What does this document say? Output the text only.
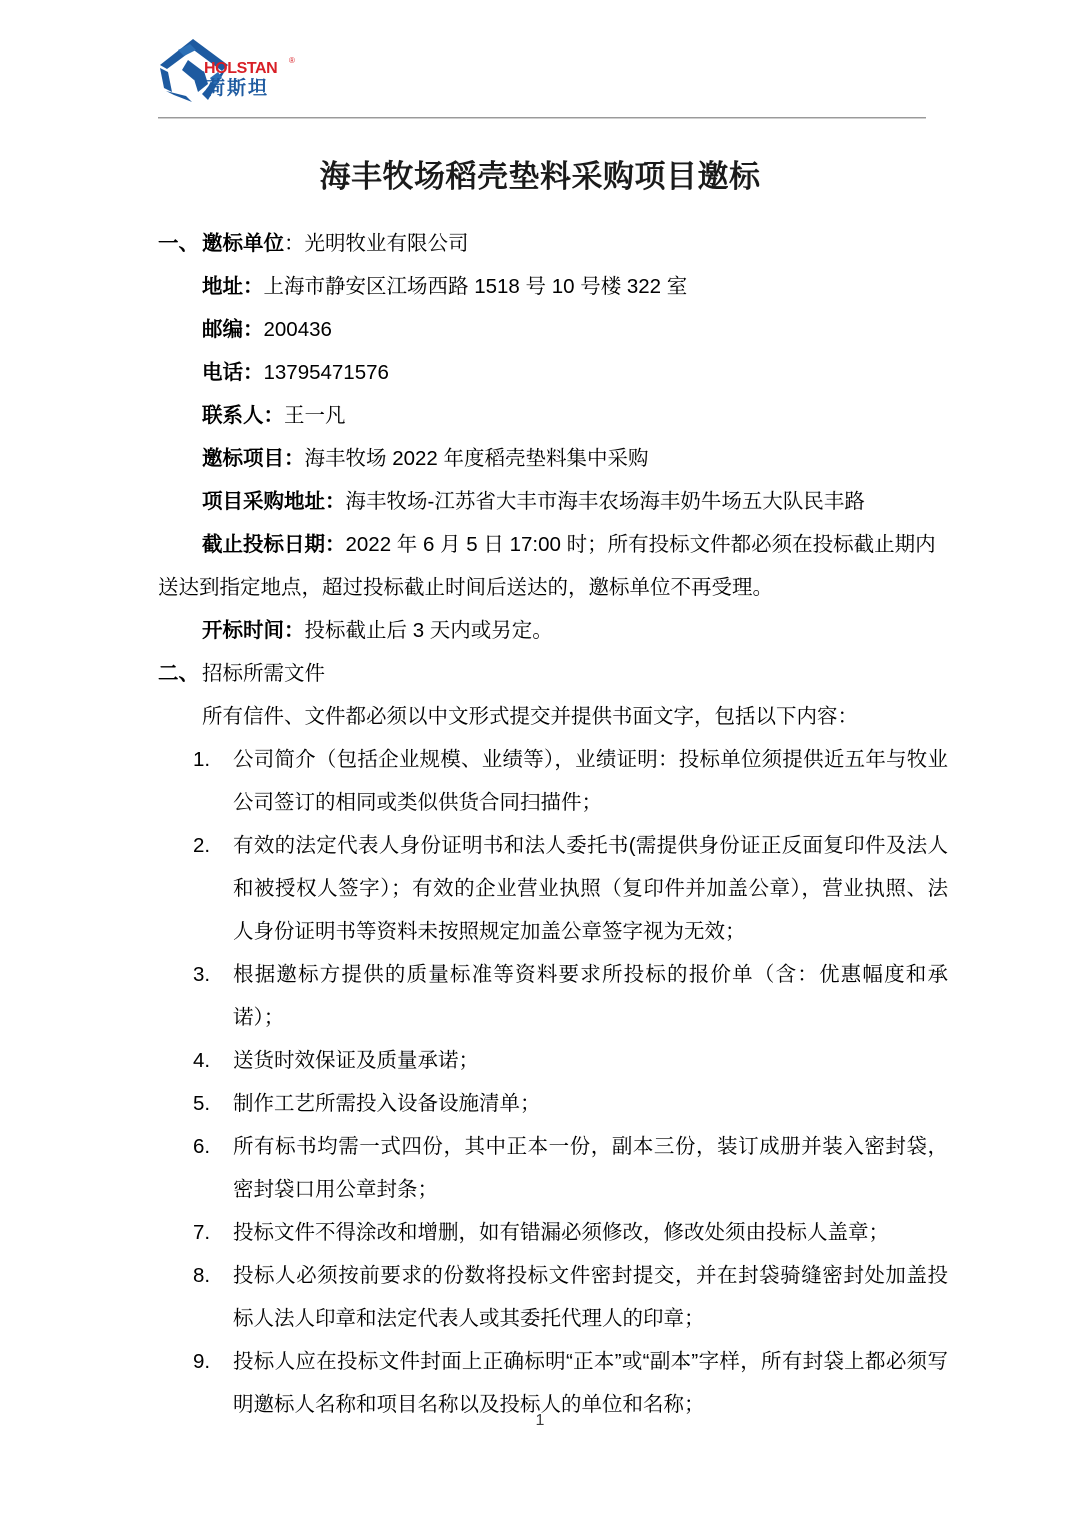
HOLSTAN ®
荷斯坦
海丰牧场稻壳垫料采购项目邀标
一、 邀标单位：光明牧业有限公司

地址：上海市静安区江场西路 1518 号 10 号楼 322 室

邮编：200436

电话：13795471576

联系人：王一凡

邀标项目：海丰牧场 2022 年度稻壳垫料集中采购

项目采购地址：海丰牧场-江苏省大丰市海丰农场海丰奶牛场五大队民丰路

截止投标日期：2022 年 6 月 5 日 17:00 时；所有投标文件都必须在投标截止期内送达到指定地点，超过投标截止时间后送达的，邀标单位不再受理。

开标时间：投标截止后 3 天内或另定。

二、 招标所需文件

所有信件、文件都必须以中文形式提交并提供书面文字，包括以下内容：

1.	公司简介（包括企业规模、业绩等），业绩证明：投标单位须提供近五年与牧业公司签订的相同或类似供货合同扫描件；
2.	有效的法定代表人身份证明书和法人委托书(需提供身份证正反面复印件及法人和被授权人签字）；有效的企业营业执照（复印件并加盖公章），营业执照、法人身份证明书等资料未按照规定加盖公章签字视为无效；
3.	根据邀标方提供的质量标准等资料要求所投标的报价单（含：优惠幅度和承诺）；
4.	送货时效保证及质量承诺；
5.	制作工艺所需投入设备设施清单；
6.	所有标书均需一式四份，其中正本一份，副本三份，装订成册并装入密封袋，密封袋口用公章封条；
7.	投标文件不得涂改和增删，如有错漏必须修改，修改处须由投标人盖章；
8.	投标人必须按前要求的份数将投标文件密封提交，并在封袋骑缝密封处加盖投标人法人印章和法定代表人或其委托代理人的印章；
9.	投标人应在投标文件封面上正确标明“正本”或“副本”字样，所有封袋上都必须写明邀标人名称和项目名称以及投标人的单位和名称；
1
